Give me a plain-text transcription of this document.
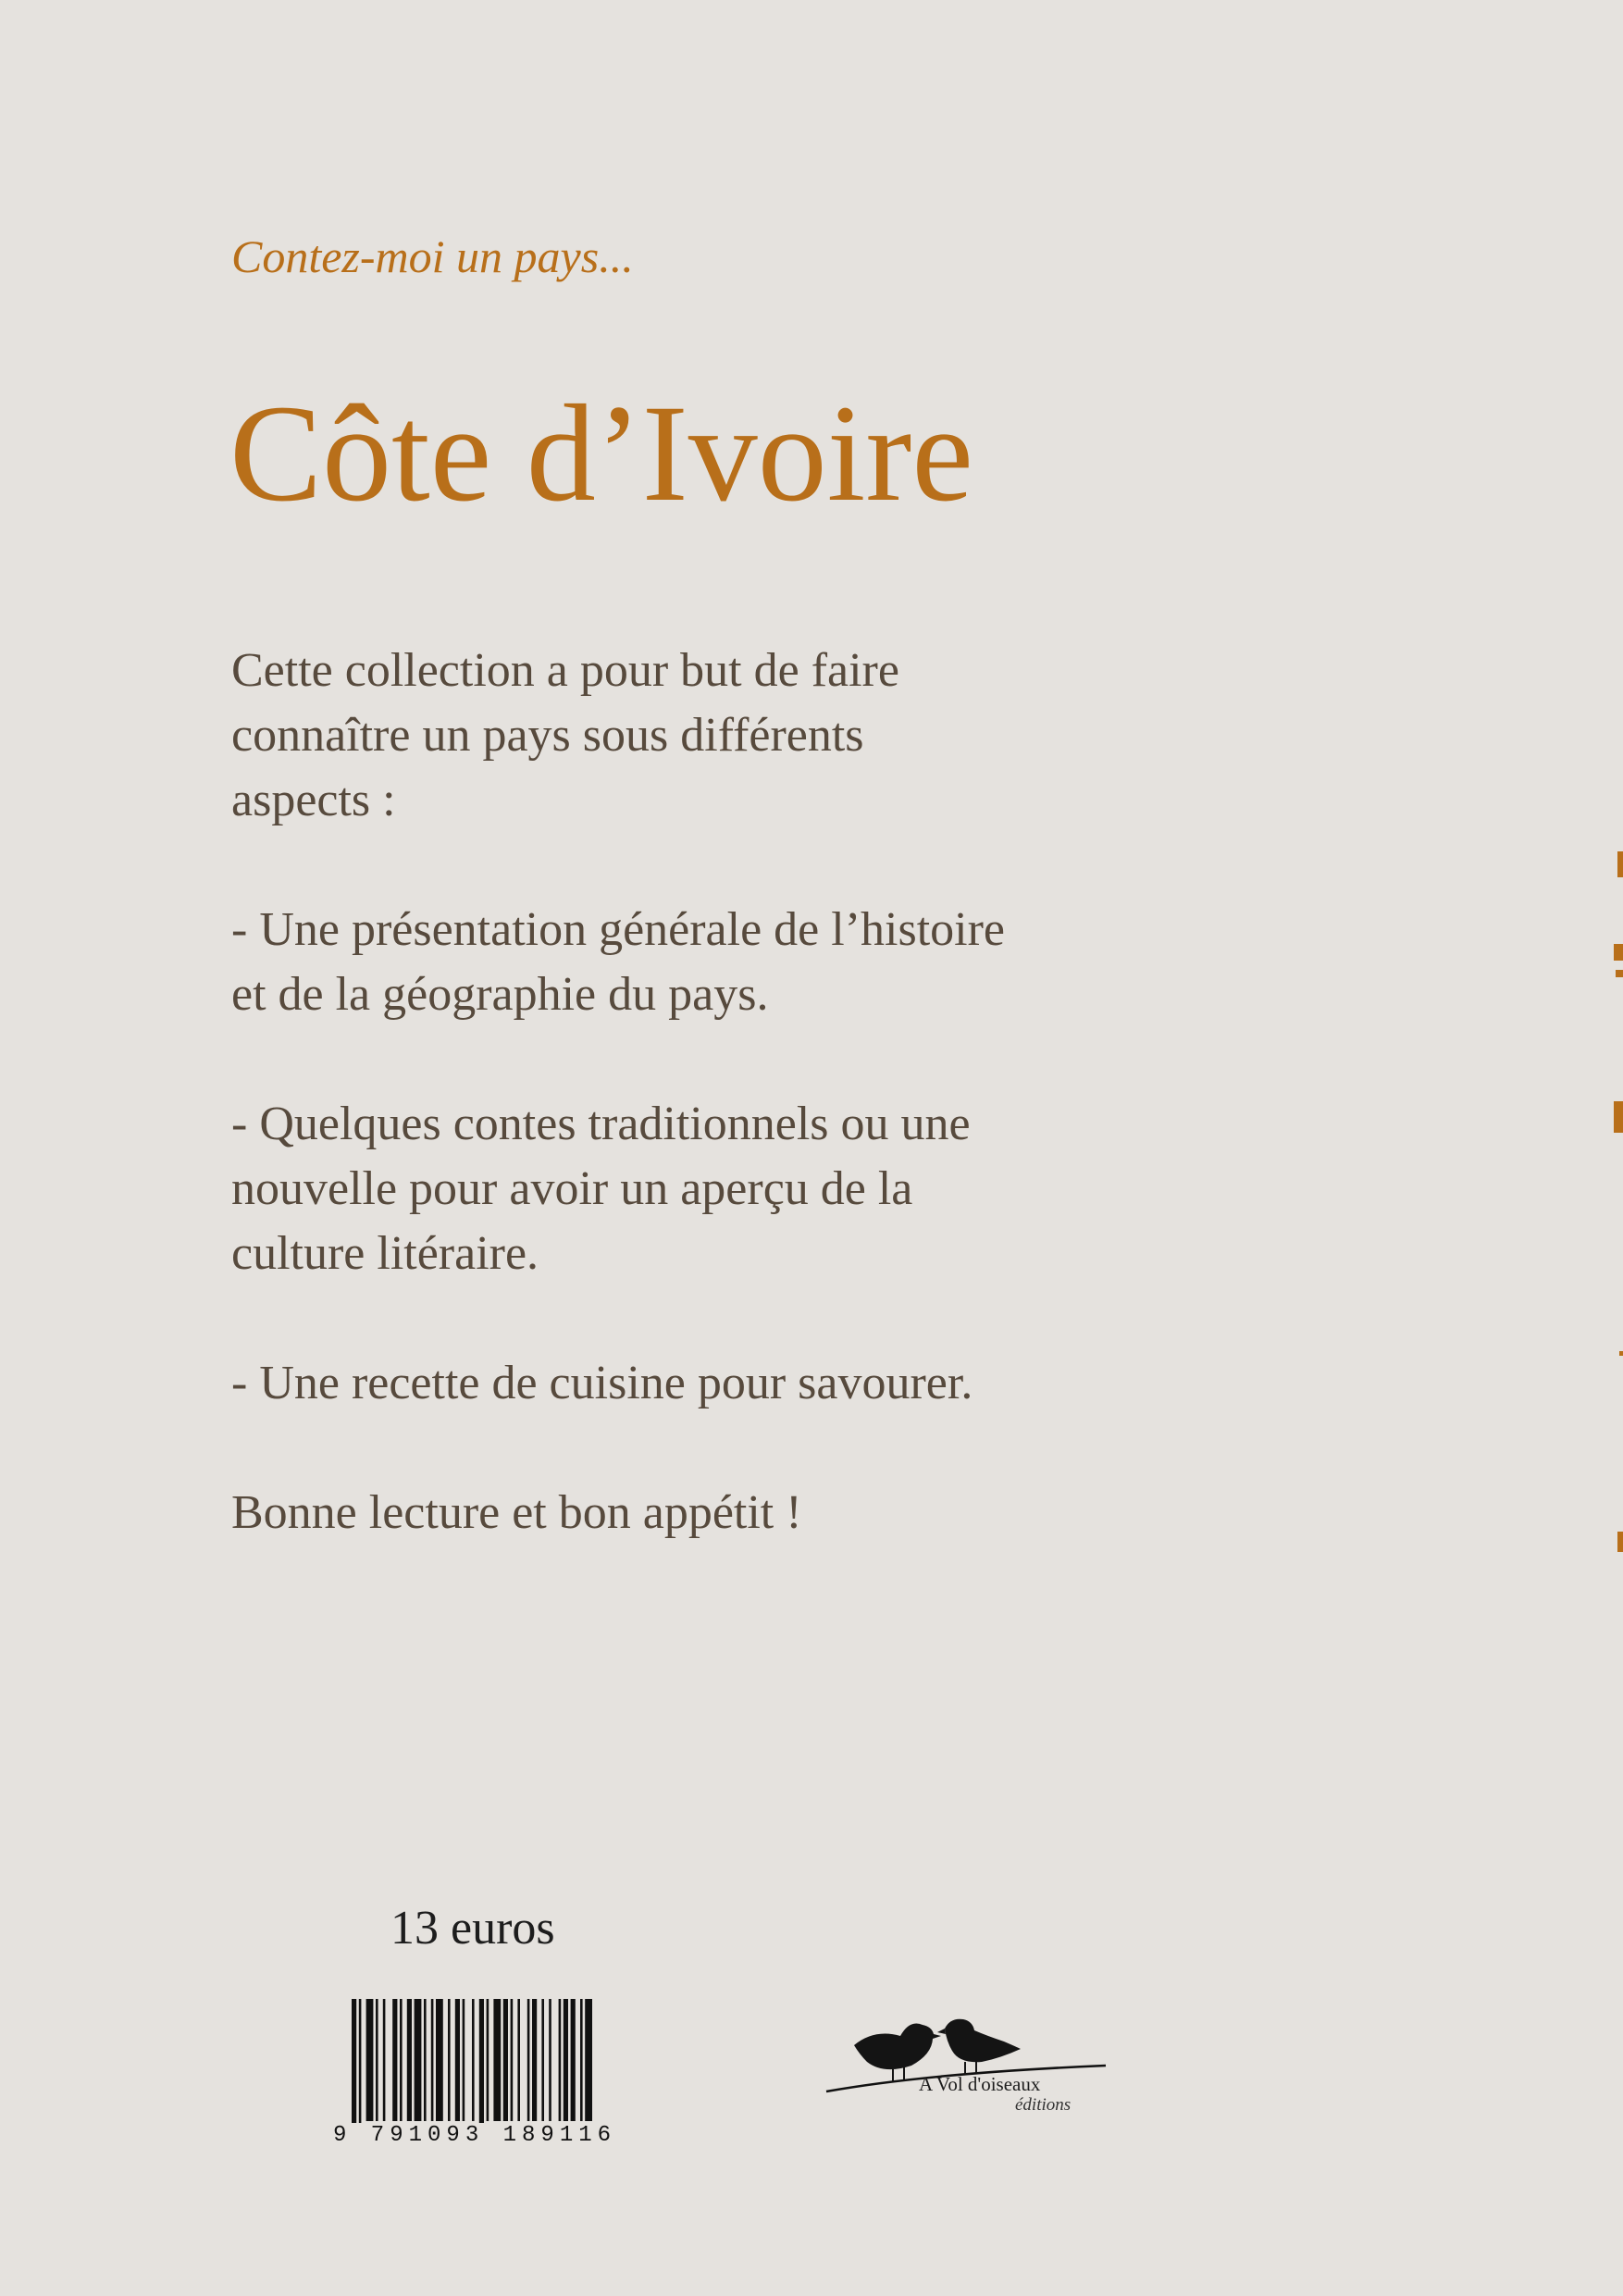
Contez-moi un pays...
Côte d’Ivoire

Cette collection a pour but de faire
connaître un pays sous différents
aspects :

- Une présentation générale de l’histoire
et de la géographie du pays.

- Quelques contes traditionnels ou une
nouvelle pour avoir un aperçu de la
culture litéraire.

- Une recette de cuisine pour savourer.

Bonne lecture et bon appétit !

13 euros
9 791093 189116
A Vol d'oiseaux
éditions
